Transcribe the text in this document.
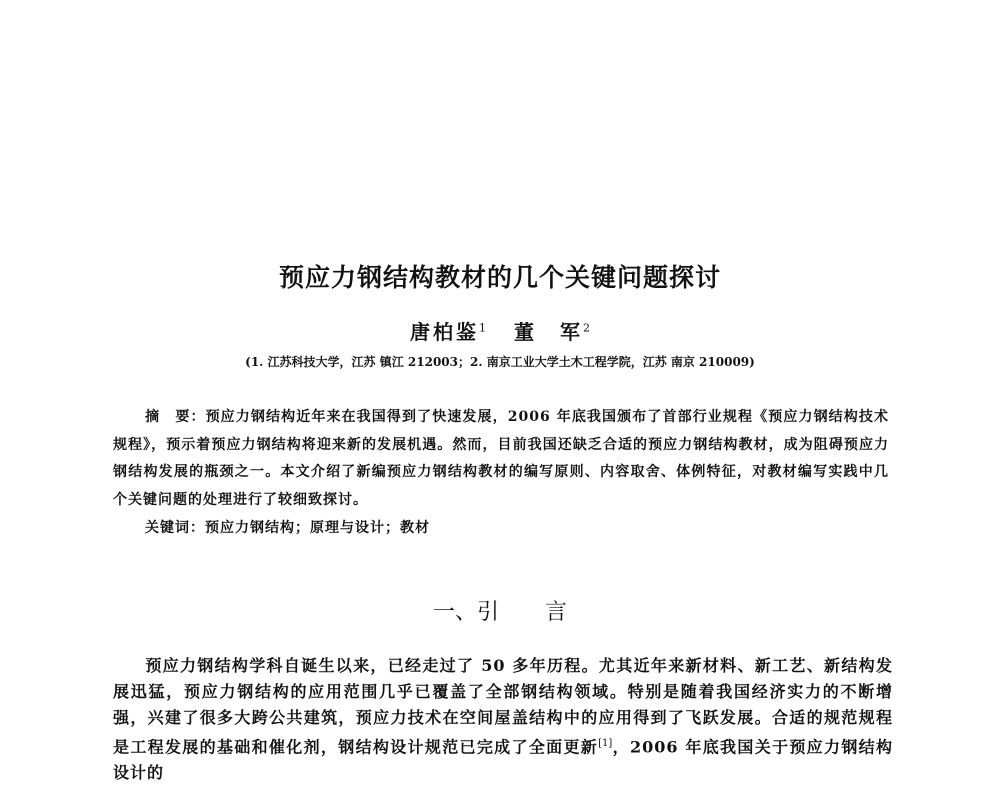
预应力钢结构教材的几个关键问题探讨
唐柏鉴$^1$ 董　军$^2$
(1. 江苏科技大学，江苏 镇江 212003；2. 南京工业大学土木工程学院，江苏 南京 210009)
摘　要：预应力钢结构近年来在我国得到了快速发展，2006 年底我国颁布了首部行业规程《预应力钢结构技术规程》，预示着预应力钢结构将迎来新的发展机遇。然而，目前我国还缺乏合适的预应力钢结构教材，成为阻碍预应力钢结构发展的瓶颈之一。本文介绍了新编预应力钢结构教材的编写原则、内容取舍、体例特征，对教材编写实践中几个关键问题的处理进行了较细致探讨。
关键词：预应力钢结构；原理与设计；教材
一、引 言
预应力钢结构学科自诞生以来，已经走过了 50 多年历程。尤其近年来新材料、新工艺、新结构发展迅猛，预应力钢结构的应用范围几乎已覆盖了全部钢结构领域。特别是随着我国经济实力的不断增强，兴建了很多大跨公共建筑，预应力技术在空间屋盖结构中的应用得到了飞跃发展。合适的规范规程是工程发展的基础和催化剂，钢结构设计规范已完成了全面更新[1]，2006 年底我国关于预应力钢结构设计的
